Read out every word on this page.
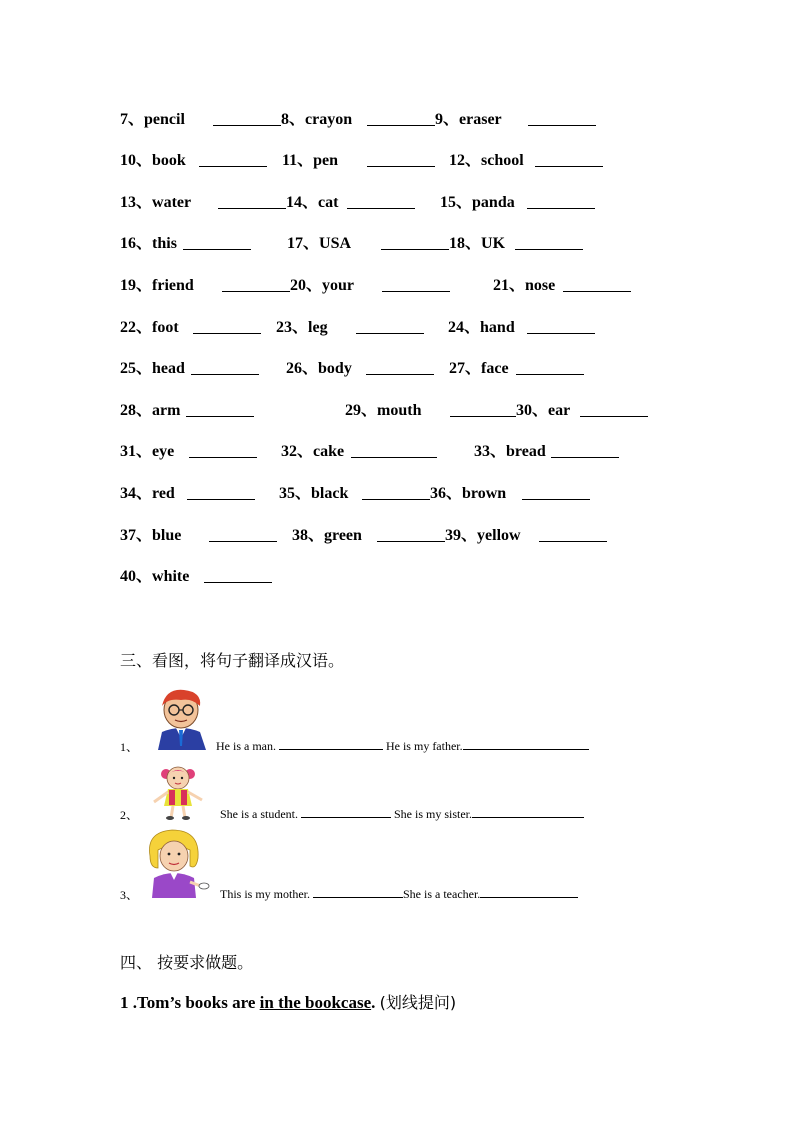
7、pencil	8、crayon	9、eraser
10、book	11、pen	12、school
13、water	14、cat	15、panda
16、this	17、USA	18、UK
19、friend	20、your	21、nose
22、foot	23、leg	24、hand
25、head	26、body	27、face
28、arm	29、mouth	30、ear
31、eye	32、cake	33、bread
34、red	35、black	36、brown
37、blue	38、green	39、yellow
40、white
三、看图，将句子翻译成汉语。
1、	He is a man.	He is my father.
2、	She is a student.	She is my sister.
3、	This is my mother.	She is a teacher.
四、 按要求做题。
1 .Tom’s books are in the bookcase. (划线提问)
